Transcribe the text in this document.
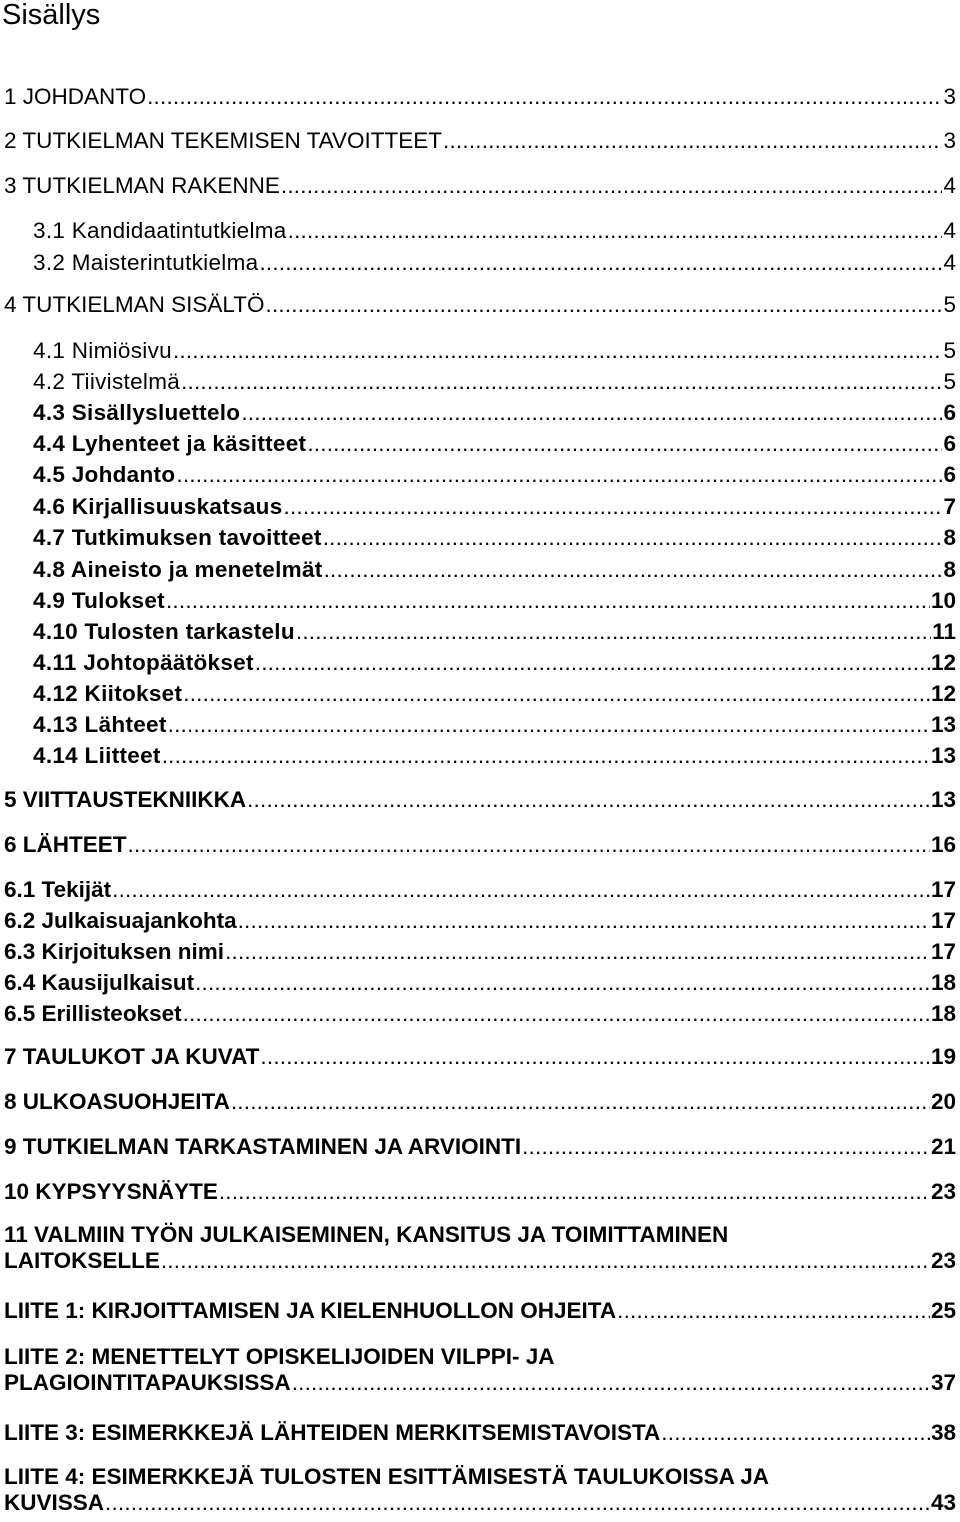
Sisällys
1 JOHDANTO .....	3
2 TUTKIELMAN TEKEMISEN TAVOITTEET .....	3
3 TUTKIELMAN RAKENNE .....	4
3.1 Kandidaatintutkielma .....	4
3.2 Maisterintutkielma .....	4
4 TUTKIELMAN SISÄLTÖ .....	5
4.1 Nimiösivu .....	5
4.2 Tiivistelmä .....	5
4.3 Sisällysluettelo .....	6
4.4 Lyhenteet ja käsitteet .....	6
4.5 Johdanto .....	6
4.6 Kirjallisuuskatsaus .....	7
4.7 Tutkimuksen tavoitteet .....	8
4.8 Aineisto ja menetelmät .....	8
4.9 Tulokset .....	10
4.10 Tulosten tarkastelu .....	11
4.11 Johtopäätökset .....	12
4.12 Kiitokset .....	12
4.13 Lähteet .....	13
4.14 Liitteet .....	13
5 VIITTAUSTEKNIIKKA .....	13
6 LÄHTEET .....	16
6.1 Tekijät .....	17
6.2 Julkaisuajankohta .....	17
6.3 Kirjoituksen nimi .....	17
6.4 Kausijulkaisut .....	18
6.5 Erillisteokset .....	18
7 TAULUKOT JA KUVAT .....	19
8 ULKOASUOHJEITA .....	20
9 TUTKIELMAN TARKASTAMINEN JA ARVIOINTI .....	21
10 KYPSYYSNÄYTE .....	23
11 VALMIIN TYÖN JULKAISEMINEN, KANSITUS JA TOIMITTAMINEN
LAITOKSELLE .....	23
LIITE 1: KIRJOITTAMISEN JA KIELENHUOLLON OHJEITA .....	25
LIITE 2: MENETTELYT OPISKELIJOIDEN VILPPI- JA
PLAGIOINTITAPAUKSISSA .....	37
LIITE 3: ESIMERKKEJÄ LÄHTEIDEN MERKITSEMISTAVOISTA .....	38
LIITE 4: ESIMERKKEJÄ TULOSTEN ESITTÄMISESTÄ TAULUKOISSA JA
KUVISSA .....	43
